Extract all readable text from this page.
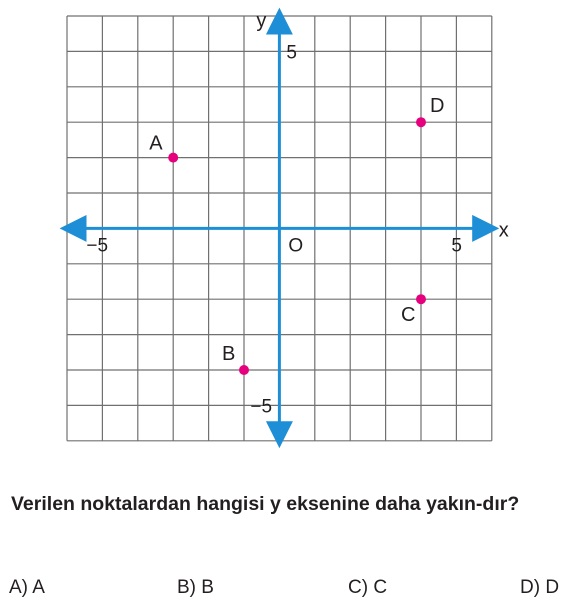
x
y
O
−5	5
5
−5
A
B
C
D
Verilen noktalardan hangisi y eksenine daha yakın-dır?
A) A	B) B	C) C	D) D
